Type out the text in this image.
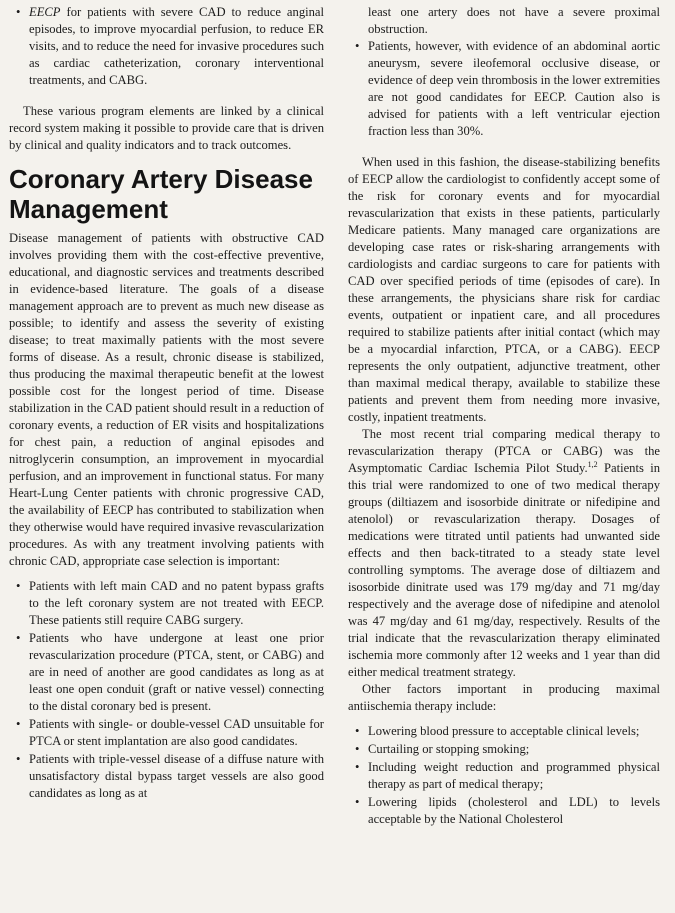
• EECP for patients with severe CAD to reduce anginal episodes, to improve myocardial perfusion, to reduce ER visits, and to reduce the need for invasive procedures such as cardiac catheterization, coronary interventional treatments, and CABG.

These various program elements are linked by a clinical record system making it possible to provide care that is driven by clinical and quality indicators and to track outcomes.

Coronary Artery Disease Management

Disease management of patients with obstructive CAD involves providing them with the cost-effective preventive, educational, and diagnostic services and treatments described in evidence-based literature. The goals of a disease management approach are to prevent as much new disease as possible; to identify and assess the severity of existing disease; to treat maximally patients with the most severe forms of disease. As a result, chronic disease is stabilized, thus producing the maximal therapeutic benefit at the lowest possible cost for the longest period of time. Disease stabilization in the CAD patient should result in a reduction of coronary events, a reduction of ER visits and hospitalizations for chest pain, a reduction of anginal episodes and nitroglycerin consumption, an improvement in myocardial perfusion, and an improvement in functional status. For many Heart-Lung Center patients with chronic progressive CAD, the availability of EECP has contributed to stabilization when they otherwise would have required invasive revascularization procedures. As with any treatment involving patients with chronic CAD, appropriate case selection is important:

• Patients with left main CAD and no patent bypass grafts to the left coronary system are not treated with EECP. These patients still require CABG surgery.
• Patients who have undergone at least one prior revascularization procedure (PTCA, stent, or CABG) and are in need of another are good candidates as long as at least one open conduit (graft or native vessel) connecting to the distal coronary bed is present.
• Patients with single- or double-vessel CAD unsuitable for PTCA or stent implantation are also good candidates.
• Patients with triple-vessel disease of a diffuse nature with unsatisfactory distal bypass target vessels are also good candidates as long as at

least one artery does not have a severe proximal obstruction.

• Patients, however, with evidence of an abdominal aortic aneurysm, severe ileofemoral occlusive disease, or evidence of deep vein thrombosis in the lower extremities are not good candidates for EECP. Caution also is advised for patients with a left ventricular ejection fraction less than 30%.

When used in this fashion, the disease-stabilizing benefits of EECP allow the cardiologist to confidently accept some of the risk for coronary events and for myocardial revascularization that exists in these patients, particularly Medicare patients. Many managed care organizations are developing case rates or risk-sharing arrangements with cardiologists and cardiac surgeons to care for patients with CAD over specified periods of time (episodes of care). In these arrangements, the physicians share risk for cardiac events, outpatient or inpatient care, and all procedures required to stabilize patients after initial contact (which may be a myocardial infarction, PTCA, or a CABG). EECP represents the only outpatient, adjunctive treatment, other than maximal medical therapy, available to stabilize these patients and prevent them from needing more invasive, costly, inpatient treatments.

The most recent trial comparing medical therapy to revascularization therapy (PTCA or CABG) was the Asymptomatic Cardiac Ischemia Pilot Study.$^{1,2}$ Patients in this trial were randomized to one of two medical therapy groups (diltiazem and isosorbide dinitrate or nifedipine and atenolol) or revascularization therapy. Dosages of medications were titrated until patients had unwanted side effects and then back-titrated to a steady state level controlling symptoms. The average dose of diltiazem and isosorbide dinitrate used was 179 mg/day and 71 mg/day respectively and the average dose of nifedipine and atenolol was 47 mg/day and 61 mg/day, respectively. Results of the trial indicate that the revascularization therapy eliminated ischemia more commonly after 12 weeks and 1 year than did either medical treatment strategy.

Other factors important in producing maximal antiischemia therapy include:

• Lowering blood pressure to acceptable clinical levels;
• Curtailing or stopping smoking;
• Including weight reduction and programmed physical therapy as part of medical therapy;
• Lowering lipids (cholesterol and LDL) to levels acceptable by the National Cholesterol
